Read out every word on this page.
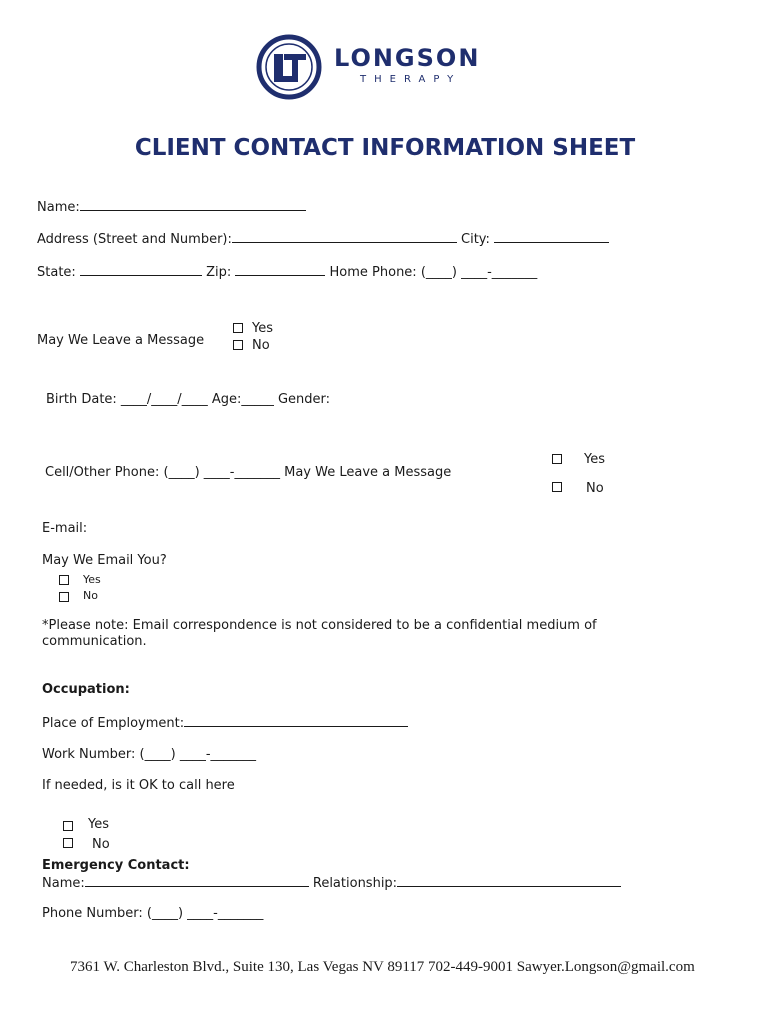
LONGSON
THERAPY
CLIENT CONTACT INFORMATION SHEET
Name:
Address (Street and Number):	City:
State:	Zip:	Home Phone: (____) ____-_______
May We Leave a Message
Yes
No
Birth Date: ____/____/____ Age:_____ Gender:
Cell/Other Phone: (____) ____-_______ May We Leave a Message
Yes
No
E-mail:
May We Email You?
Yes
No
*Please note: Email correspondence is not considered to be a confidential medium of
communication.
Occupation:
Place of Employment:
Work Number: (____) ____-_______
If needed, is it OK to call here
Yes
No
Emergency Contact:
Name:	Relationship:
Phone Number: (____) ____-_______
7361 W. Charleston Blvd., Suite 130, Las Vegas NV 89117 702-449-9001 Sawyer.Longson@gmail.com
